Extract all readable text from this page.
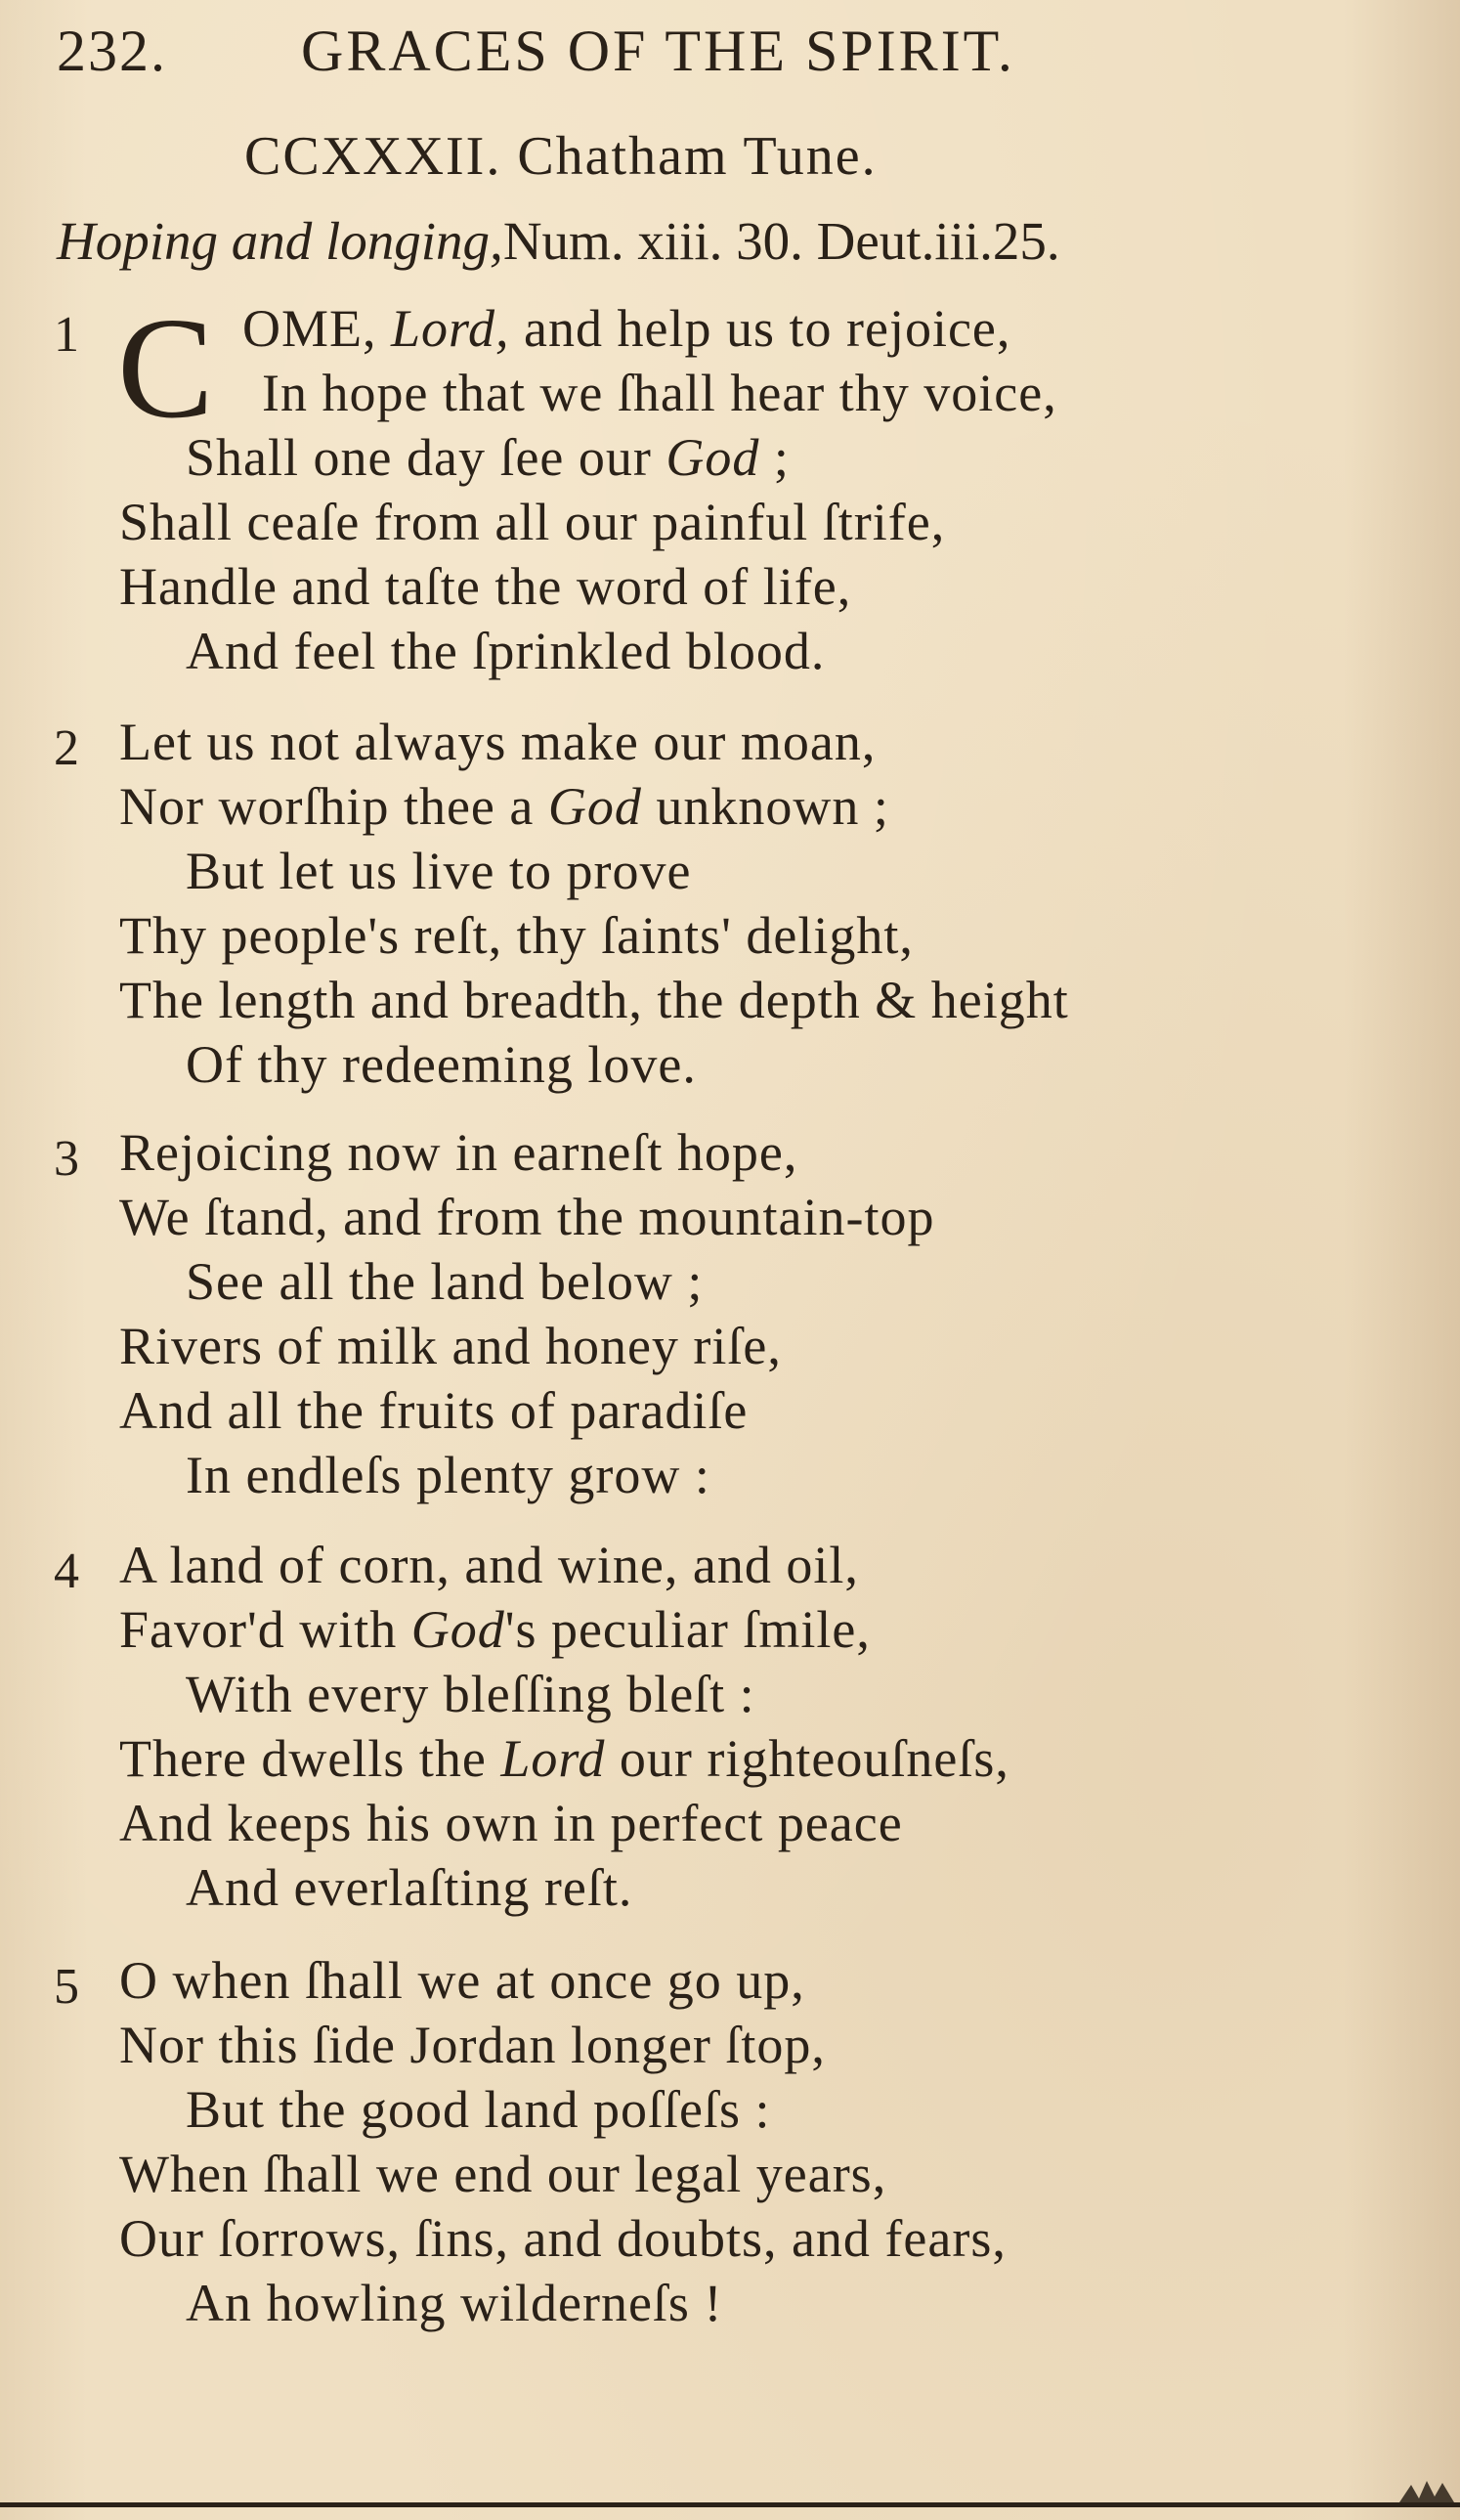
232. GRACES OF THE SPIRIT.
CCXXXII. Chatham Tune.
Hoping and longing,Num. xiii. 30. Deut.iii.25.
1 C OME, Lord, and help us to rejoice,
In hope that we ſhall hear thy voice,
Shall one day ſee our God ;
Shall ceaſe from all our painful ſtrife,
Handle and taſte the word of life,
And feel the ſprinkled blood.
2 Let us not always make our moan,
Nor worſhip thee a God unknown ;
But let us live to prove
Thy people's reſt, thy ſaints' delight,
The length and breadth, the depth & height
Of thy redeeming love.
3 Rejoicing now in earneſt hope,
We ſtand, and from the mountain-top
See all the land below ;
Rivers of milk and honey riſe,
And all the fruits of paradiſe
In endleſs plenty grow :
4 A land of corn, and wine, and oil,
Favor'd with God's peculiar ſmile,
With every bleſſing bleſt :
There dwells the Lord our righteouſneſs,
And keeps his own in perfect peace
And everlaſting reſt.
5 O when ſhall we at once go up,
Nor this ſide Jordan longer ſtop,
But the good land poſſeſs :
When ſhall we end our legal years,
Our ſorrows, ſins, and doubts, and fears,
An howling wilderneſs !
